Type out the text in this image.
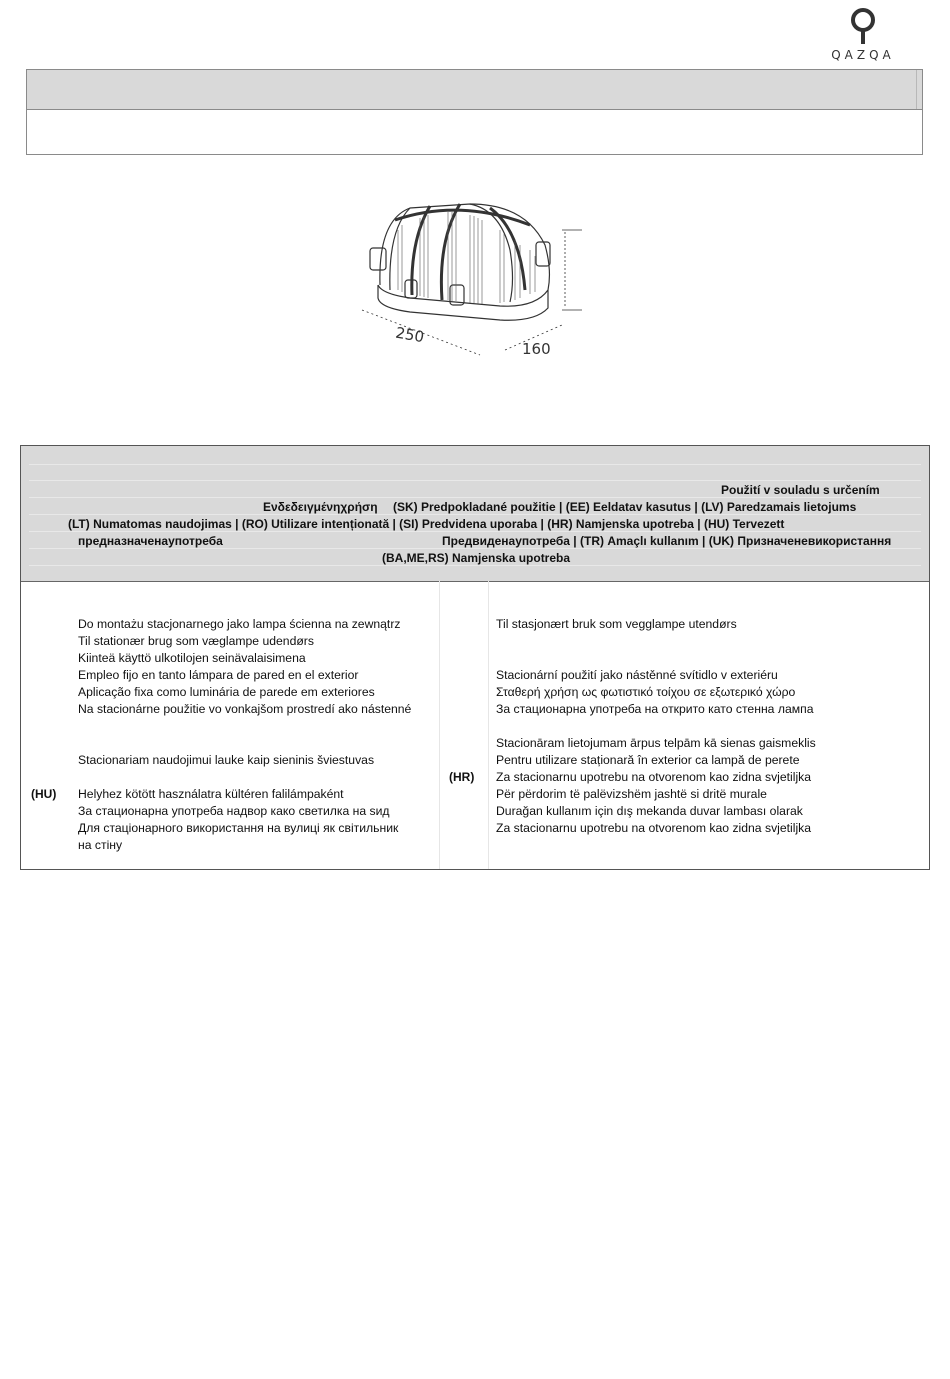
QAZQA
250
160
Použití v souladu s určením
Ενδεδειγμένηχρήση (SK) Predpokladané použitie | (EE) Eeldatav kasutus | (LV) Paredzamais lietojums
(LT) Numatomas naudojimas | (RO) Utilizare intenționată | (SI) Predvidena uporaba | (HR) Namjenska upotreba | (HU) Tervezett
предназначенаупотреба	Предвиденаупотреба | (TR) Amaçlı kullanım | (UK) Призначеневикористання
(BA,ME,RS) Namjenska upotreba
Do montażu stacjonarnego jako lampa ścienna na zewnątrz
Til stationær brug som væglampe udendørs
Kiinteä käyttö ulkotilojen seinävalaisimena
Empleo fijo en tanto lámpara de pared en el exterior
Aplicação fixa como luminária de parede em exteriores
Na stacionárne použitie vo vonkajšom prostredí ako nástenné
Stacionariam naudojimui lauke kaip sieninis šviestuvas
(HU) Helyhez kötött használatra kültéren falilámpaként
За стационарна употреба надвор како светилка на ѕид
Для стаціонарного використання на вулиці як світильник
на стіну
Til stasjonært bruk som vegglampe utendørs
Stacionární použití jako nástěnné svítidlo v exteriéru
Σταθερή χρήση ως φωτιστικό τοίχου σε εξωτερικό χώρο
За стационарна употреба на открито като стенна лампа
Stacionāram lietojumam ārpus telpām kā sienas gaismeklis
Pentru utilizare staționară în exterior ca lampă de perete
(HR) Za stacionarnu upotrebu na otvorenom kao zidna svjetiljka
Për përdorim të palëvizshëm jashtë si dritë murale
Durağan kullanım için dış mekanda duvar lambası olarak
Za stacionarnu upotrebu na otvorenom kao zidna svjetiljka
